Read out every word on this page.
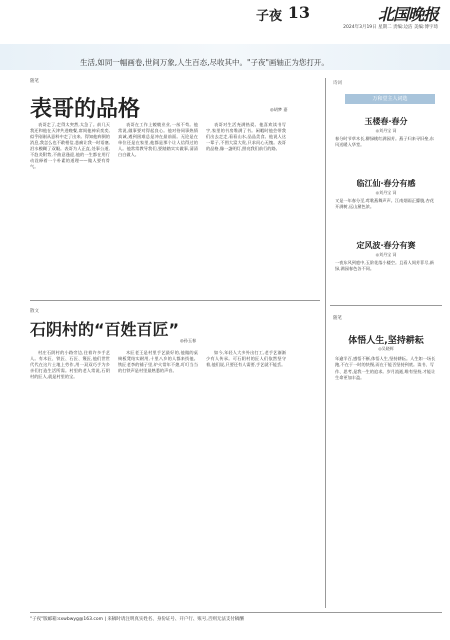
子夜 13	北国晚报
2024年3月19日 星期二 责编:边洁 美编:傅宇琦
生活,如同一幅画卷,世间万象,人生百态,尽收其中。"子夜"画轴正为您打开。
随笔
表哥的品格	◎胡梦 嘉

表哥走了,走得太突然,太急了。前几天我还和他在天津共进晚餐,席间他神采奕奕,似乎刚刚从意料中走了出来。得知他病倒的消息,我怎么也不敢相信,悲痛让我一时语塞,泪水模糊了双眼。表哥为人正直,处事公道,不趋炎附势,不曲意逢迎,他的一生都在用行动诠释着一个朴素的道理——做人要有骨气。

表哥在工作上兢兢业业,一丝不苟。他常说,做事要对得起良心。他对待同事热情真诚,遇到困难总是冲在最前面。无论是在单位还是在家里,他都是那个让人信得过的人。他常常教导我们,要踏踏实实做事,清清白白做人。

表哥对生活充满热爱。他喜欢读书写字,家里的书房堆满了书。闲暇时他会带我们出去走走,看看山水,品品美食。他说人这一辈子,不图大富大贵,只求问心无愧。表哥的品格,像一盏明灯,照亮我们前行的路。

散文
石阴村的“百姓百匠”
◎孙玉春

村庄石阴村的小路旁边,住着许多手艺人。有木匠、铁匠、石匠、篾匠,他们世世代代在这片土地上劳作,用一双双巧手为乡亲们打造生活所需。村里的老人常说,石阴村的匠人,就是村里的宝。

木匠老王是村里手艺最好的,他做的桌椅板凳结实耐用,十里八乡的人都来找他。铁匠老李的铺子里,炉火常年不熄,叮叮当当的打铁声是村里最熟悉的声音。

如今,年轻人大多外出打工,老手艺渐渐少有人传承。可石阴村的匠人们依然坚守着,他们说,只要还有人需要,手艺就不能丢。

诗词
万和堂主人词选
玉楼春·春分
◎刘丹宝 词
春分时节草木长,柳绿桃红满园芳。燕子归来寻旧垒,东风送暖入华堂。
临江仙·春分有感
◎刘丹宝 词
又是一年春分至,莺歌燕舞声声。江南烟雨正朦胧,杏花开满树,远山黛色浓。
定风波·春分有赛
◎刘丹宝 词
一夜东风到庭中,玉阶花落小楼空。且看人间芳菲尽,新绿,满园春色各不同。
随笔
体悟人生,坚持耕耘
◎吴晓辉
年逾半百,感悟不断,体悟人生,坚持耕耘。人生如一场长跑,不在于一时的快慢,而在于能否坚持到底。读书、写作、思考,是我一生的追求。岁月流逝,唯有坚持,才能让生命更加丰盈。
"子夜"版邮箱:sxwbwyg@163.com | 来稿时请注明真实姓名、身份证号、开户行、账号,否则无法支付稿酬
